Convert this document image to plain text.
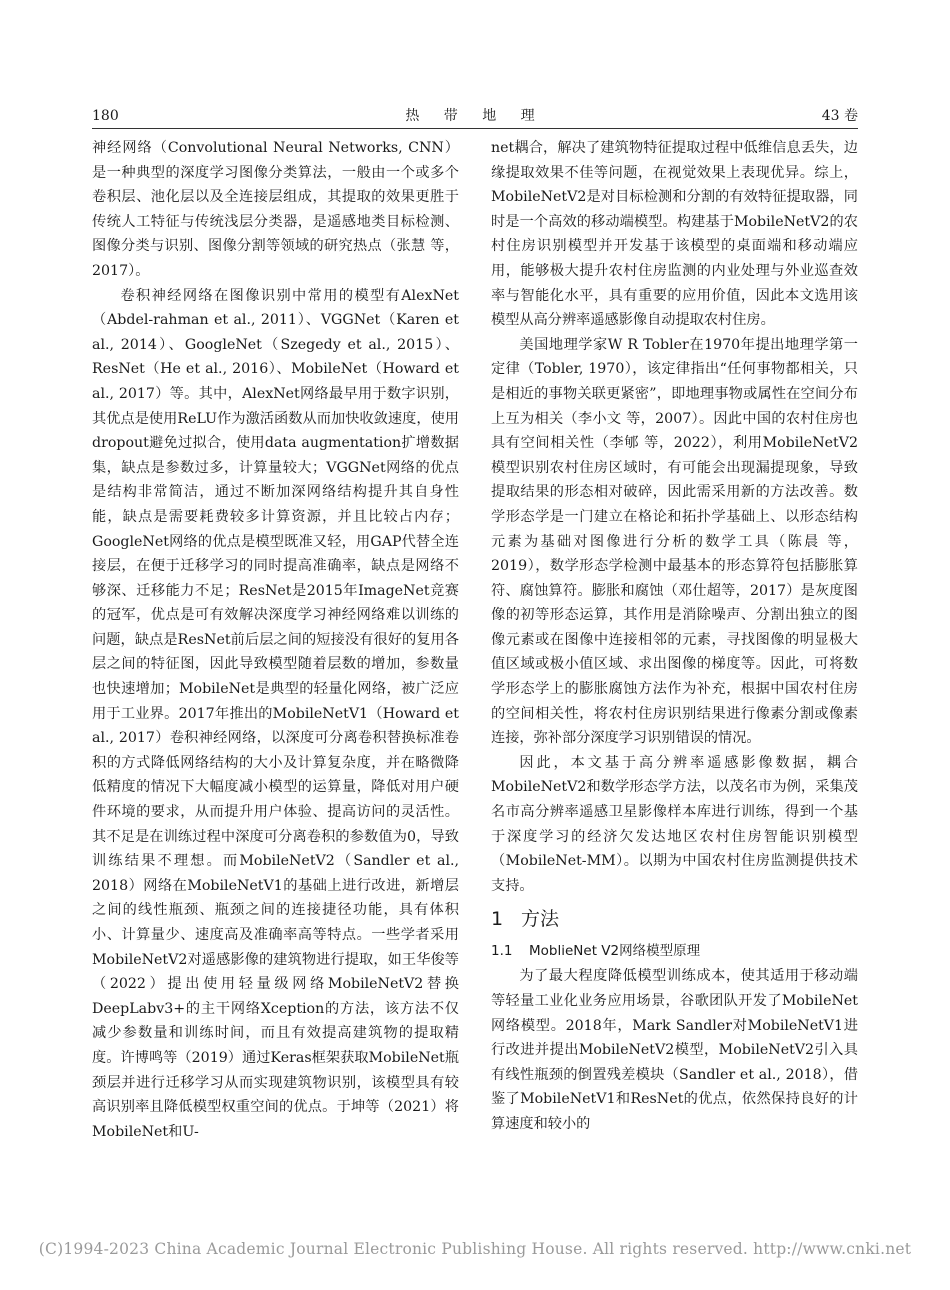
180	热 带 地 理	43 卷

神经网络（Convolutional Neural Networks, CNN）是一种典型的深度学习图像分类算法，一般由一个或多个卷积层、池化层以及全连接层组成，其提取的效果更胜于传统人工特征与传统浅层分类器，是遥感地类目标检测、图像分类与识别、图像分割等领域的研究热点（张慧 等，2017）。

卷积神经网络在图像识别中常用的模型有AlexNet（Abdel-rahman et al., 2011）、VGGNet（Karen et al., 2014）、GoogleNet（Szegedy et al., 2015）、ResNet（He et al., 2016）、MobileNet（Howard et al., 2017）等。其中，AlexNet网络最早用于数字识别，其优点是使用ReLU作为激活函数从而加快收敛速度，使用dropout避免过拟合，使用data augmentation扩增数据集，缺点是参数过多，计算量较大；VGGNet网络的优点是结构非常简洁，通过不断加深网络结构提升其自身性能，缺点是需要耗费较多计算资源，并且比较占内存；GoogleNet网络的优点是模型既准又轻，用GAP代替全连接层，在便于迁移学习的同时提高准确率，缺点是网络不够深、迁移能力不足；ResNet是2015年ImageNet竞赛的冠军，优点是可有效解决深度学习神经网络难以训练的问题，缺点是ResNet前后层之间的短接没有很好的复用各层之间的特征图，因此导致模型随着层数的增加，参数量也快速增加；MobileNet是典型的轻量化网络，被广泛应用于工业界。2017年推出的MobileNetV1（Howard et al., 2017）卷积神经网络，以深度可分离卷积替换标准卷积的方式降低网络结构的大小及计算复杂度，并在略微降低精度的情况下大幅度减小模型的运算量，降低对用户硬件环境的要求，从而提升用户体验、提高访问的灵活性。其不足是在训练过程中深度可分离卷积的参数值为0，导致训练结果不理想。而MobileNetV2（Sandler et al., 2018）网络在MobileNetV1的基础上进行改进，新增层之间的线性瓶颈、瓶颈之间的连接捷径功能，具有体积小、计算量少、速度高及准确率高等特点。一些学者采用MobileNetV2对遥感影像的建筑物进行提取，如王华俊等（2022）提出使用轻量级网络MobileNetV2替换DeepLabv3+的主干网络Xception的方法，该方法不仅减少参数量和训练时间，而且有效提高建筑物的提取精度。许博鸣等（2019）通过Keras框架获取MobileNet瓶颈层并进行迁移学习从而实现建筑物识别，该模型具有较高识别率且降低模型权重空间的优点。于坤等（2021）将MobileNet和U-

net耦合，解决了建筑物特征提取过程中低维信息丢失，边缘提取效果不佳等问题，在视觉效果上表现优异。综上，MobileNetV2是对目标检测和分割的有效特征提取器，同时是一个高效的移动端模型。构建基于MobileNetV2的农村住房识别模型并开发基于该模型的桌面端和移动端应用，能够极大提升农村住房监测的内业处理与外业巡查效率与智能化水平，具有重要的应用价值，因此本文选用该模型从高分辨率遥感影像自动提取农村住房。

美国地理学家W R Tobler在1970年提出地理学第一定律（Tobler, 1970），该定律指出“任何事物都相关，只是相近的事物关联更紧密”，即地理事物或属性在空间分布上互为相关（李小文 等，2007）。因此中国的农村住房也具有空间相关性（李郇 等，2022），利用MobileNetV2模型识别农村住房区域时，有可能会出现漏提现象，导致提取结果的形态相对破碎，因此需采用新的方法改善。数学形态学是一门建立在格论和拓扑学基础上、以形态结构元素为基础对图像进行分析的数学工具（陈晨 等，2019），数学形态学检测中最基本的形态算符包括膨胀算符、腐蚀算符。膨胀和腐蚀（邓仕超等，2017）是灰度图像的初等形态运算，其作用是消除噪声、分割出独立的图像元素或在图像中连接相邻的元素，寻找图像的明显极大值区域或极小值区域、求出图像的梯度等。因此，可将数学形态学上的膨胀腐蚀方法作为补充，根据中国农村住房的空间相关性，将农村住房识别结果进行像素分割或像素连接，弥补部分深度学习识别错误的情况。

因此，本文基于高分辨率遥感影像数据，耦合MobileNetV2和数学形态学方法，以茂名市为例，采集茂名市高分辨率遥感卫星影像样本库进行训练，得到一个基于深度学习的经济欠发达地区农村住房智能识别模型（MobileNet-MM）。以期为中国农村住房监测提供技术支持。

1 方法
1.1 MoblieNet V2网络模型原理

为了最大程度降低模型训练成本，使其适用于移动端等轻量工业化业务应用场景，谷歌团队开发了MobileNet网络模型。2018年，Mark Sandler对MobileNetV1进行改进并提出MobileNetV2模型，MobileNetV2引入具有线性瓶颈的倒置残差模块（Sandler et al., 2018），借鉴了MobileNetV1和ResNet的优点，依然保持良好的计算速度和较小的

(C)1994-2023 China Academic Journal Electronic Publishing House. All rights reserved. http://www.cnki.net
